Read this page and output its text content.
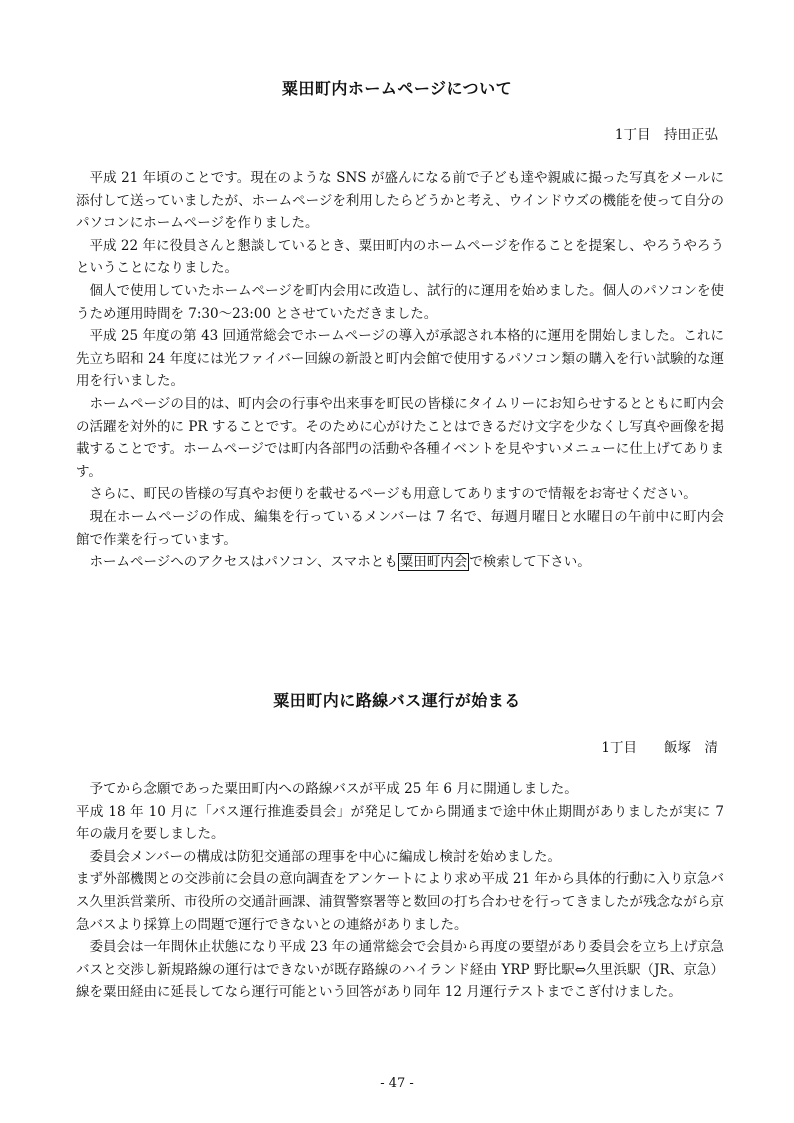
粟田町内ホームページについて
1丁目　持田正弘

平成 21 年頃のことです。現在のような SNS が盛んになる前で子ども達や親戚に撮った写真をメールに添付して送っていましたが、ホームページを利用したらどうかと考え、ウインドウズの機能を使って自分のパソコンにホームページを作りました。

平成 22 年に役員さんと懇談しているとき、粟田町内のホームページを作ることを提案し、やろうやろうということになりました。

個人で使用していたホームページを町内会用に改造し、試行的に運用を始めました。個人のパソコンを使うため運用時間を 7:30～23:00 とさせていただきました。

平成 25 年度の第 43 回通常総会でホームページの導入が承認され本格的に運用を開始しました。これに先立ち昭和 24 年度には光ファイバー回線の新設と町内会館で使用するパソコン類の購入を行い試験的な運用を行いました。

ホームページの目的は、町内会の行事や出来事を町民の皆様にタイムリーにお知らせするとともに町内会の活躍を対外的に PR することです。そのために心がけたことはできるだけ文字を少なくし写真や画像を掲載することです。ホームページでは町内各部門の活動や各種イベントを見やすいメニューに仕上げてあります。

さらに、町民の皆様の写真やお便りを載せるページも用意してありますので情報をお寄せください。

現在ホームページの作成、編集を行っているメンバーは 7 名で、毎週月曜日と水曜日の午前中に町内会館で作業を行っています。

ホームページへのアクセスはパソコン、スマホとも 粟田町内会 で検索して下さい。

粟田町内に路線バス運行が始まる
1丁目　　飯塚　清

予てから念願であった粟田町内への路線バスが平成 25 年 6 月に開通しました。

平成 18 年 10 月に「バス運行推進委員会」が発足してから開通まで途中休止期間がありましたが実に 7 年の歳月を要しました。

委員会メンバーの構成は防犯交通部の理事を中心に編成し検討を始めました。

まず外部機関との交渉前に会員の意向調査をアンケートにより求め平成 21 年から具体的行動に入り京急バス久里浜営業所、市役所の交通計画課、浦賀警察署等と数回の打ち合わせを行ってきましたが残念ながら京急バスより採算上の問題で運行できないとの連絡がありました。

委員会は一年間休止状態になり平成 23 年の通常総会で会員から再度の要望があり委員会を立ち上げ京急バスと交渉し新規路線の運行はできないが既存路線のハイランド経由 YRP 野比駅⇔久里浜駅（JR、京急）線を粟田経由に延長してなら運行可能という回答があり同年 12 月運行テストまでこぎ付けました。

- 47 -
